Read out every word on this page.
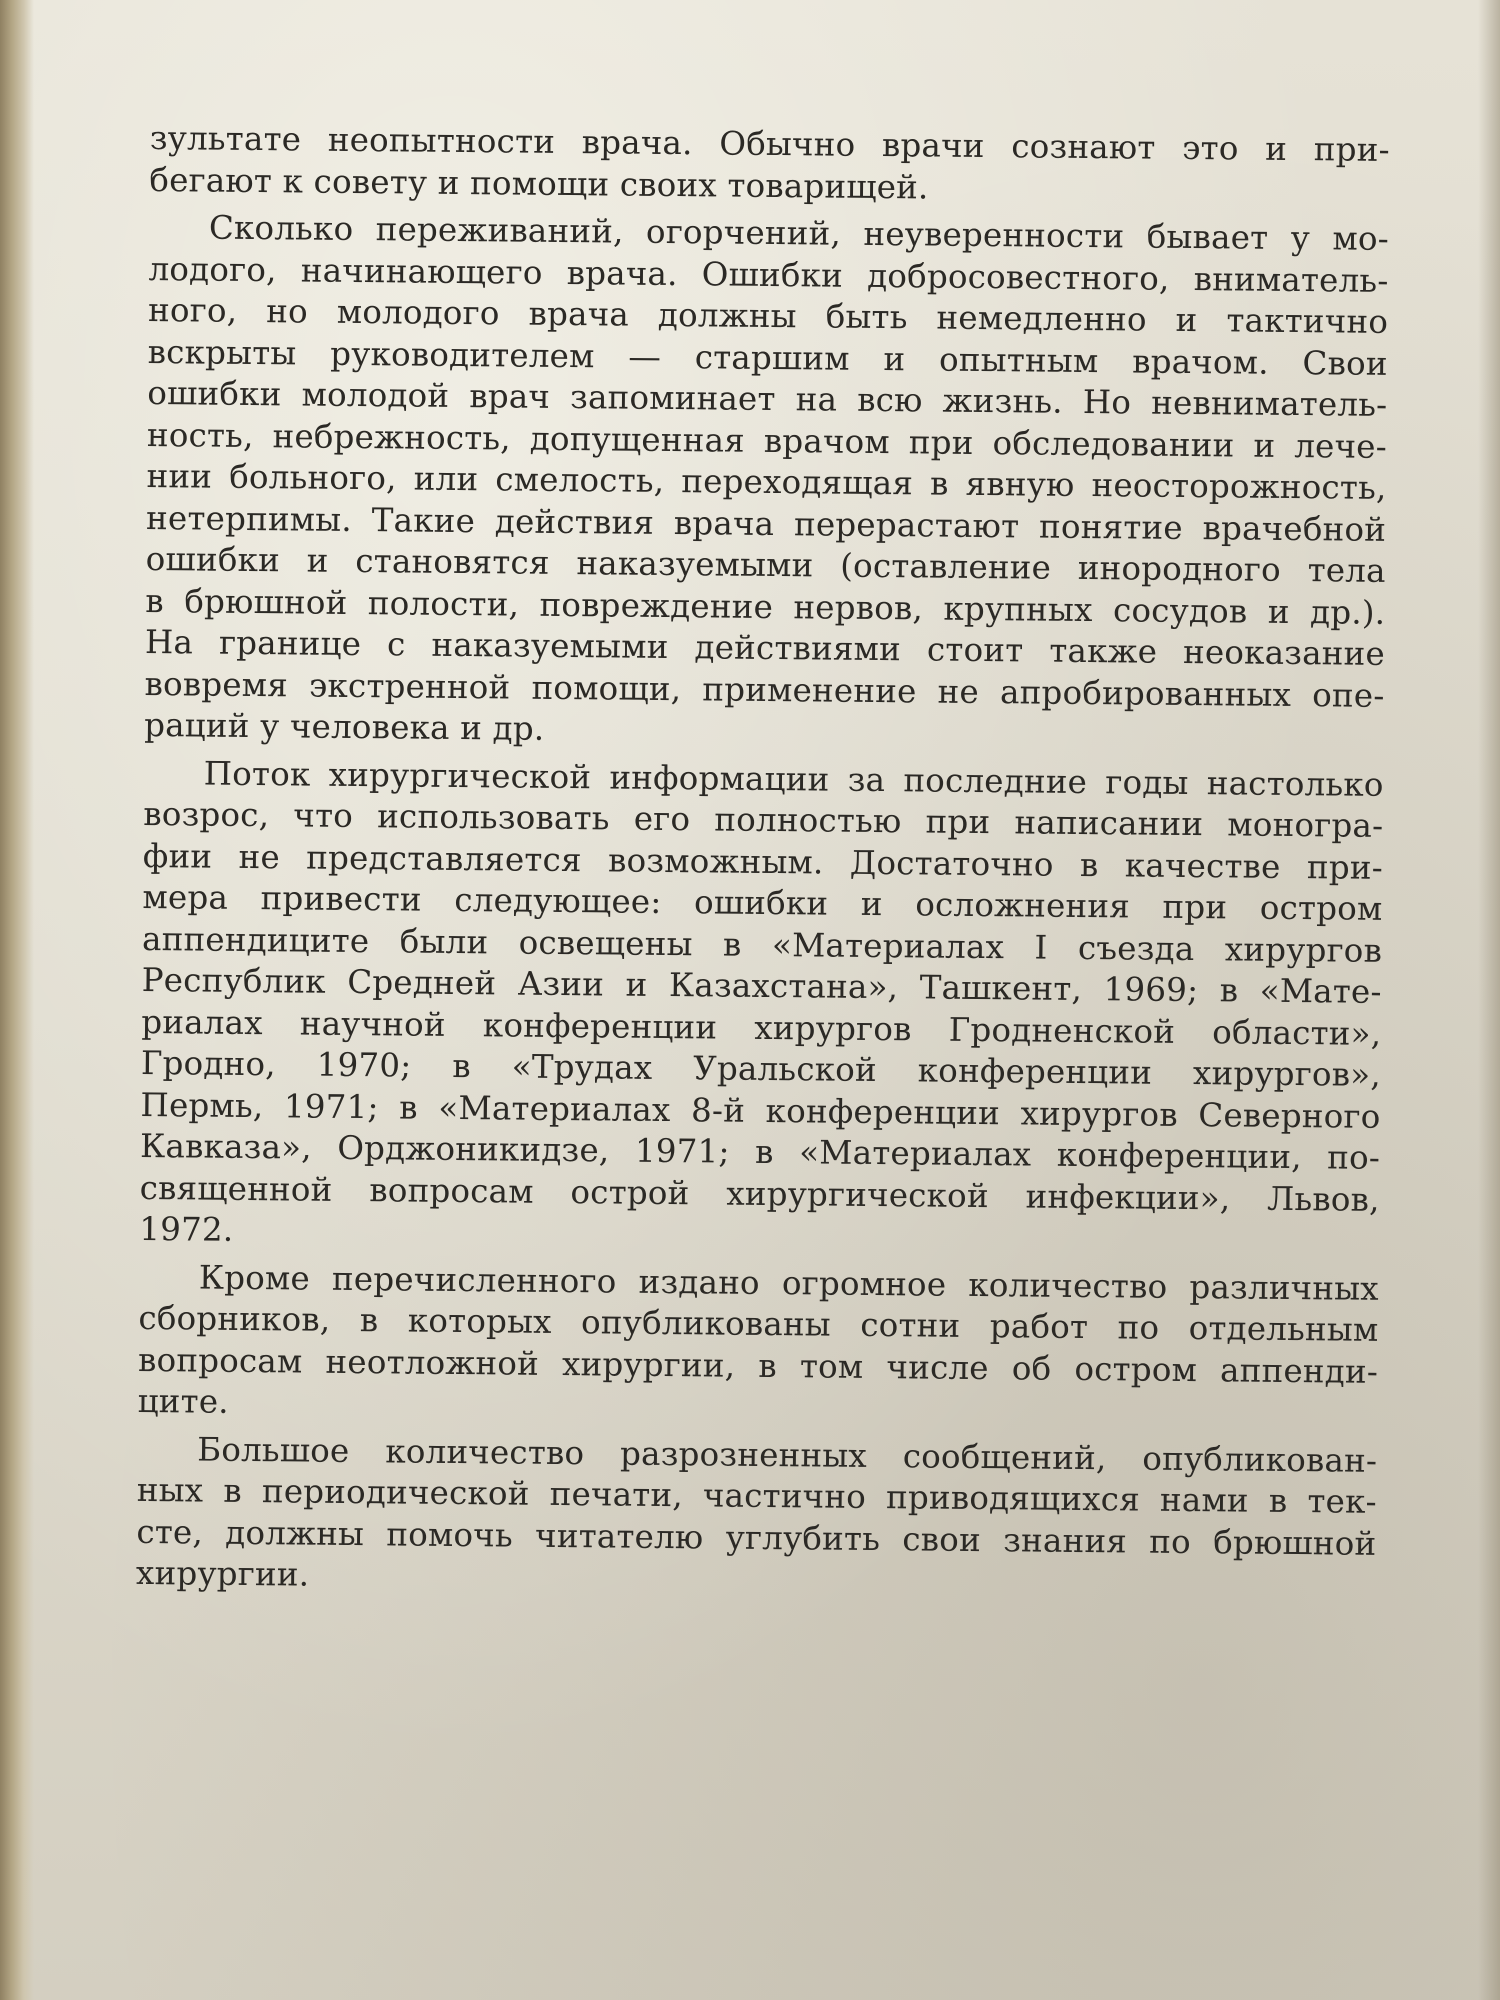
зультате неопытности врача. Обычно врачи сознают это и при-
бегают к совету и помощи своих товарищей.

Сколько переживаний, огорчений, неуверенности бывает у мо-
лодого, начинающего врача. Ошибки добросовестного, вниматель-
ного, но молодого врача должны быть немедленно и тактично
вскрыты руководителем — старшим и опытным врачом. Свои
ошибки молодой врач запоминает на всю жизнь. Но невниматель-
ность, небрежность, допущенная врачом при обследовании и лече-
нии больного, или смелость, переходящая в явную неосторожность,
нетерпимы. Такие действия врача перерастают понятие врачебной
ошибки и становятся наказуемыми (оставление инородного тела
в брюшной полости, повреждение нервов, крупных сосудов и др.).
На границе с наказуемыми действиями стоит также неоказание
вовремя экстренной помощи, применение не апробированных опе-
раций у человека и др.

Поток хирургической информации за последние годы настолько
возрос, что использовать его полностью при написании моногра-
фии не представляется возможным. Достаточно в качестве при-
мера привести следующее: ошибки и осложнения при остром
аппендиците были освещены в «Материалах I съезда хирургов
Республик Средней Азии и Казахстана», Ташкент, 1969; в «Мате-
риалах научной конференции хирургов Гродненской области»,
Гродно, 1970; в «Трудах Уральской конференции хирургов»,
Пермь, 1971; в «Материалах 8-й конференции хирургов Северного
Кавказа», Орджоникидзе, 1971; в «Материалах конференции, по-
священной вопросам острой хирургической инфекции», Львов,
1972.

Кроме перечисленного издано огромное количество различных
сборников, в которых опубликованы сотни работ по отдельным
вопросам неотложной хирургии, в том числе об остром аппенди-
ците.

Большое количество разрозненных сообщений, опубликован-
ных в периодической печати, частично приводящихся нами в тек-
сте, должны помочь читателю углубить свои знания по брюшной
хирургии.
